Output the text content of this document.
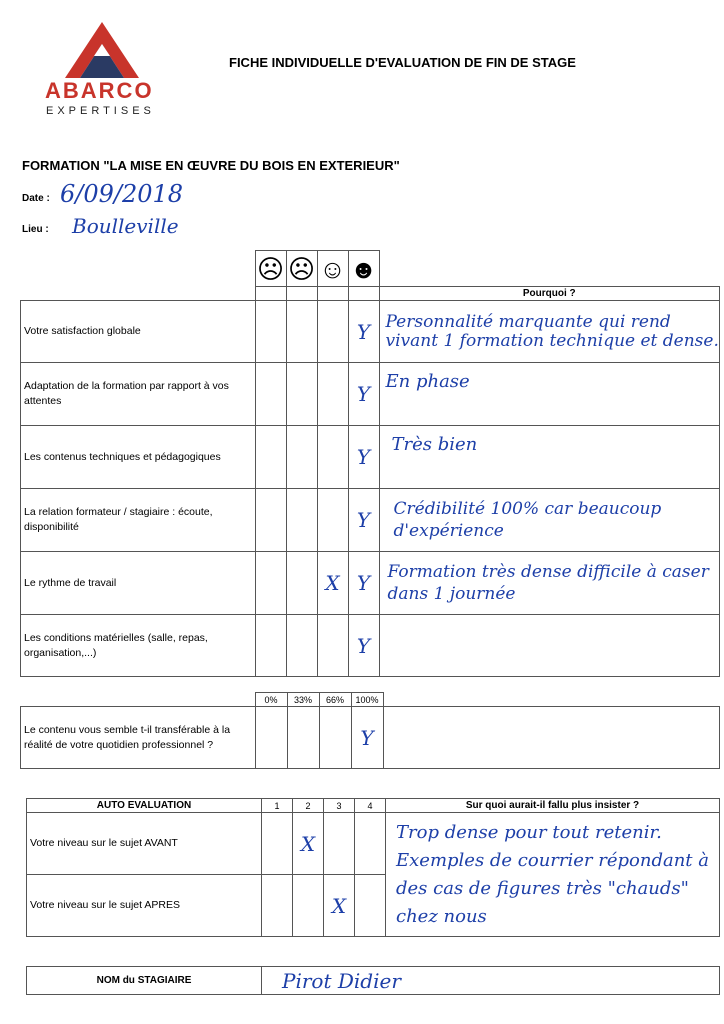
ABARCO
EXPERTISES
FICHE INDIVIDUELLE D'EVALUATION DE FIN DE STAGE
FORMATION "LA MISE EN ŒUVRE DU BOIS EN EXTERIEUR"
Date : 6/09/2018
Lieu : Boulleville
	☹	☹	☺	☻	
					Pourquoi ?
Votre satisfaction globale				Y	Personnalité marquante qui rend vivant 1 formation technique et dense.
Adaptation de la formation par rapport à vos attentes				Y	En phase
Les contenus techniques et pédagogiques				Y	Très bien
La relation formateur / stagiaire : écoute, disponibilité				Y	Crédibilité 100% car beaucoup d'expérience
Le rythme de travail			X	Y	Formation très dense difficile à caser dans 1 journée
Les conditions matérielles (salle, repas, organisation,...)				Y	
	0%	33%	66%	100%	
Le contenu vous semble t-il transférable à la réalité de votre quotidien professionnel ?				Y	
AUTO EVALUATION	1	2	3	4	Sur quoi aurait-il fallu plus insister ?
Votre niveau sur le sujet AVANT		X			Trop dense pour tout retenir. Exemples de courrier répondant à des cas de figures très "chauds" chez nous
Votre niveau sur le sujet APRES			X		
NOM du STAGIAIRE	Pirot Didier
